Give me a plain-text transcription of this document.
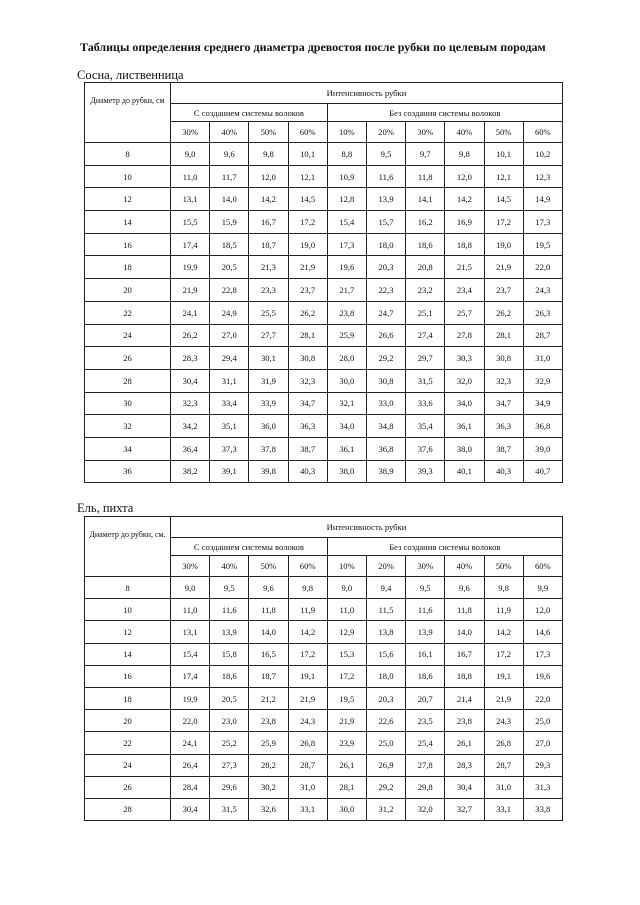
Таблицы определения среднего диаметра древостоя после рубки по целевым породам
Сосна, лиственница
Диаметр до рубки, см	Интенсивность рубки									
	С созданием системы волоков				Без создания системы волоков					
	30%	40%	50%	60%	10%	20%	30%	40%	50%	60%
8	9,0	9,6	9,8	10,1	8,8	9,5	9,7	9,8	10,1	10,2
10	11,0	11,7	12,0	12,1	10,9	11,6	11,8	12,0	12,1	12,3
12	13,1	14,0	14,2	14,5	12,8	13,9	14,1	14,2	14,5	14,9
14	15,5	15,9	16,7	17,2	15,4	15,7	16,2	16,9	17,2	17,3
16	17,4	18,5	18,7	19,0	17,3	18,0	18,6	18,8	19,0	19,5
18	19,9	20,5	21,3	21,9	19,6	20,3	20,8	21,5	21,9	22,0
20	21,9	22,8	23,3	23,7	21,7	22,3	23,2	23,4	23,7	24,3
22	24,1	24,9	25,5	26,2	23,8	24,7	25,1	25,7	26,2	26,3
24	26,2	27,0	27,7	28,1	25,9	26,6	27,4	27,8	28,1	28,7
26	28,3	29,4	30,1	30,8	28,0	29,2	29,7	30,3	30,8	31,0
28	30,4	31,1	31,9	32,3	30,0	30,8	31,5	32,0	32,3	32,9
30	32,3	33,4	33,9	34,7	32,1	33,0	33,6	34,0	34,7	34,9
32	34,2	35,1	36,0	36,3	34,0	34,8	35,4	36,1	36,3	36,8
34	36,4	37,3	37,8	38,7	36,1	36,8	37,6	38,0	38,7	39,0
36	38,2	39,1	39,8	40,3	38,0	38,9	39,3	40,1	40,3	40,7
Ель, пихта
Диаметр до рубки, см.	Интенсивность рубки									
	С созданием системы волоков				Без создания системы волоков					
	30%	40%	50%	60%	10%	20%	30%	40%	50%	60%
8	9,0	9,5	9,6	9,8	9,0	9,4	9,5	9,6	9,8	9,9
10	11,0	11,6	11,8	11,9	11,0	11,5	11,6	11,8	11,9	12,0
12	13,1	13,9	14,0	14,2	12,9	13,8	13,9	14,0	14,2	14,6
14	15,4	15,8	16,5	17,2	15,3	15,6	16,1	16,7	17,2	17,3
16	17,4	18,6	18,7	19,1	17,2	18,0	18,6	18,8	19,1	19,6
18	19,9	20,5	21,2	21,9	19,5	20,3	20,7	21,4	21,9	22,0
20	22,0	23,0	23,8	24,3	21,9	22,6	23,5	23,8	24,3	25,0
22	24,1	25,2	25,9	26,8	23,9	25,0	25,4	26,1	26,8	27,0
24	26,4	27,3	28,2	28,7	26,1	26,9	27,8	28,3	28,7	29,3
26	28,4	29,6	30,2	31,0	28,1	29,2	29,8	30,4	31,0	31,3
28	30,4	31,5	32,6	33,1	30,0	31,2	32,0	32,7	33,1	33,8
